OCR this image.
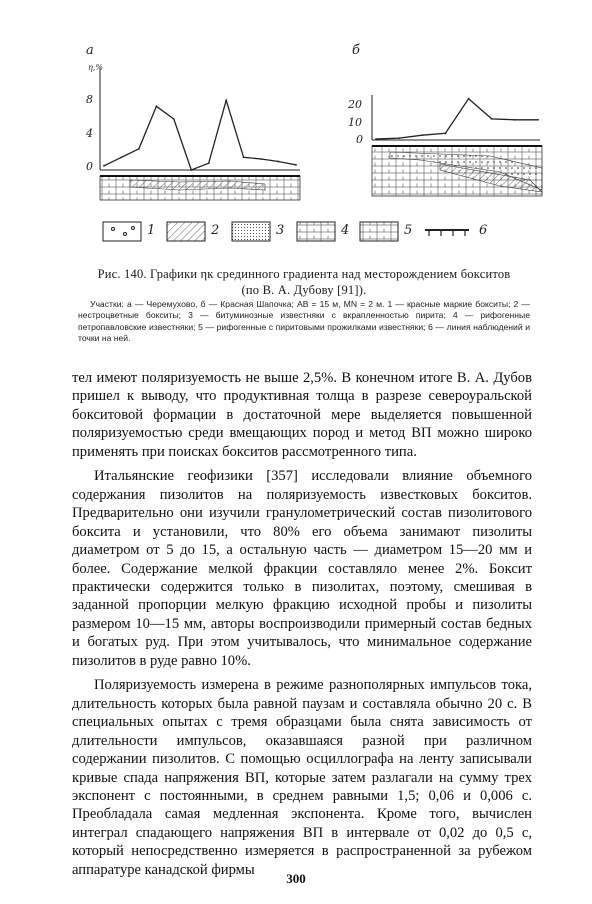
а
η,%
8
4
0
б
20
10
0
1	2	3	4	5	6
Рис. 140. Графики ηк срединного градиента над месторождением бокситов
(по В. А. Дубову [91]).

Участки: а — Черемухово, б — Красная Шапочка; AB = 15 м, MN = 2 м. 1 — красные маркие бокситы; 2 — нестроцветные бокситы; 3 — битуминозные известняки с вкрапленностью пирита; 4 — рифогенные петропавловские известняки; 5 — рифогенные с пиритовыми прожилками известняки; 6 — линия наблюдений и точки на ней.

тел имеют поляризуемость не выше 2,5%. В конечном итоге В. А. Дубов пришел к выводу, что продуктивная толща в разрезе североуральской бокситовой формации в достаточной мере выделяется повышенной поляризуемостью среди вмещающих пород и метод ВП можно широко применять при поисках бокситов рассмотренного типа.

Итальянские геофизики [357] исследовали влияние объемного содержания пизолитов на поляризуемость известковых бокситов. Предварительно они изучили гранулометрический состав пизолитового боксита и установили, что 80% его объема занимают пизолиты диаметром от 5 до 15, а остальную часть — диаметром 15—20 мм и более. Содержание мелкой фракции составляло менее 2%. Боксит практически содержится только в пизолитах, поэтому, смешивая в заданной пропорции мелкую фракцию исходной пробы и пизолиты размером 10—15 мм, авторы воспроизводили примерный состав бедных и богатых руд. При этом учитывалось, что минимальное содержание пизолитов в руде равно 10%.

Поляризуемость измерена в режиме разнополярных импульсов тока, длительность которых была равной паузам и составляла обычно 20 с. В специальных опытах с тремя образцами была снята зависимость от длительности импульсов, оказавшаяся разной при различном содержании пизолитов. С помощью осциллографа на ленту записывали кривые спада напряжения ВП, которые затем разлагали на сумму трех экспонент с постоянными, в среднем равными 1,5; 0,06 и 0,006 с. Преобладала самая медленная экспонента. Кроме того, вычислен интеграл спадающего напряжения ВП в интервале от 0,02 до 0,5 с, который непосредственно измеряется в распространенной за рубежом аппаратуре канадской фирмы

300
